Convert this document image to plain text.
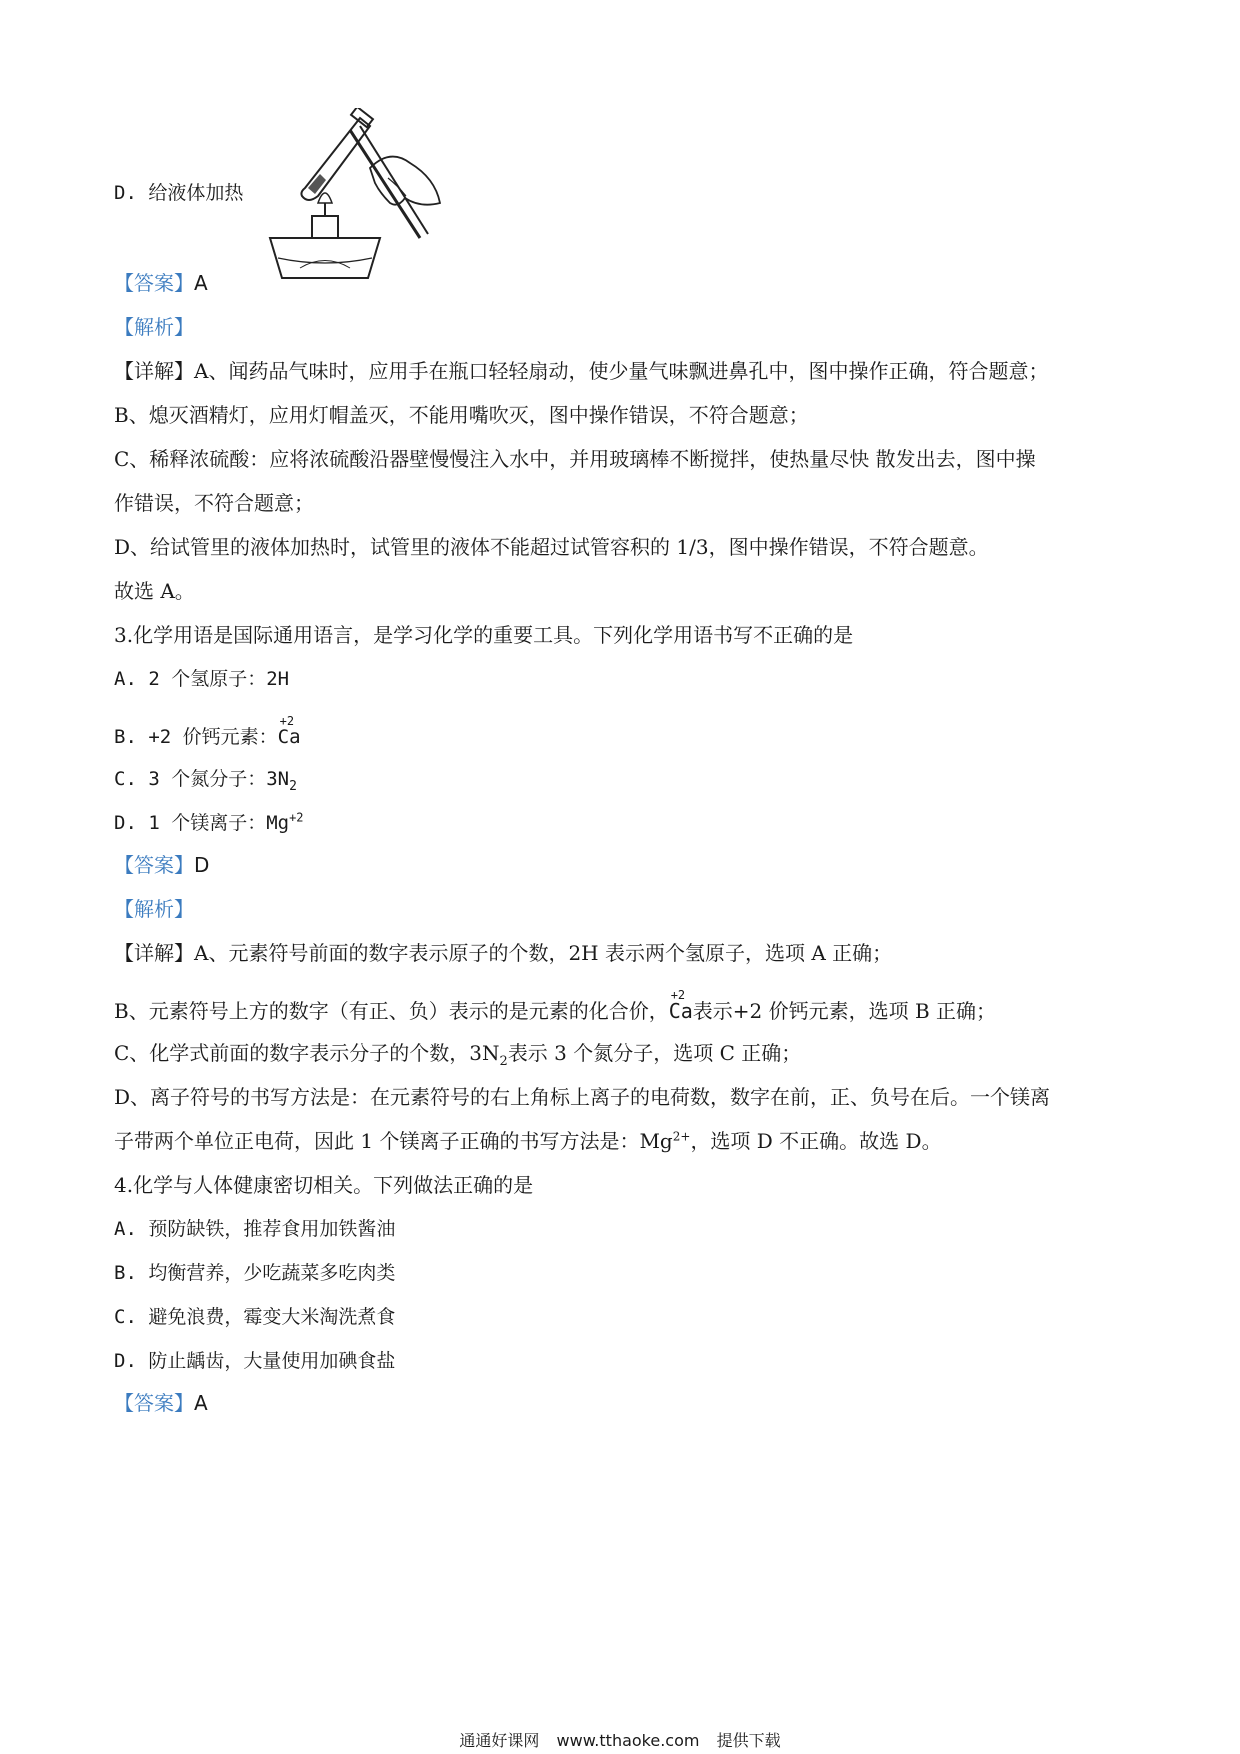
D. 给液体加热
【答案】A
【解析】
【详解】A、闻药品气味时，应用手在瓶口轻轻扇动，使少量气味飘进鼻孔中，图中操作正确，符合题意；
B、熄灭酒精灯，应用灯帽盖灭，不能用嘴吹灭，图中操作错误，不符合题意；
C、稀释浓硫酸：应将浓硫酸沿器壁慢慢注入水中，并用玻璃棒不断搅拌，使热量尽快 散发出去，图中操
作错误，不符合题意；
D、给试管里的液体加热时，试管里的液体不能超过试管容积的 1/3，图中操作错误，不符合题意。
故选 A。
3.化学用语是国际通用语言，是学习化学的重要工具。下列化学用语书写不正确的是
A. 2 个氢原子：2H
B. +2 价钙元素：
+2
Ca
C. 3 个氮分子：$3N_2$
D. 1 个镁离子：$Mg^{+2}$
【答案】D
【解析】
【详解】A、元素符号前面的数字表示原子的个数，2H 表示两个氢原子，选项 A 正确；
B、元素符号上方的数字（有正、负）表示的是元素的化合价，
+2
Ca表示+2 价钙元素，选项 B 正确；
C、化学式前面的数字表示分子的个数，$3N_2$表示 3 个氮分子，选项 C 正确；
D、离子符号的书写方法是：在元素符号的右上角标上离子的电荷数，数字在前，正、负号在后。一个镁离
子带两个单位正电荷，因此 1 个镁离子正确的书写方法是：$Mg^{2+}$，选项 D 不正确。故选 D。
4.化学与人体健康密切相关。下列做法正确的是
A. 预防缺铁，推荐食用加铁酱油
B. 均衡营养，少吃蔬菜多吃肉类
C. 避免浪费，霉变大米淘洗煮食
D. 防止龋齿，大量使用加碘食盐
【答案】A
通通好课网 www.tthaoke.com 提供下载
